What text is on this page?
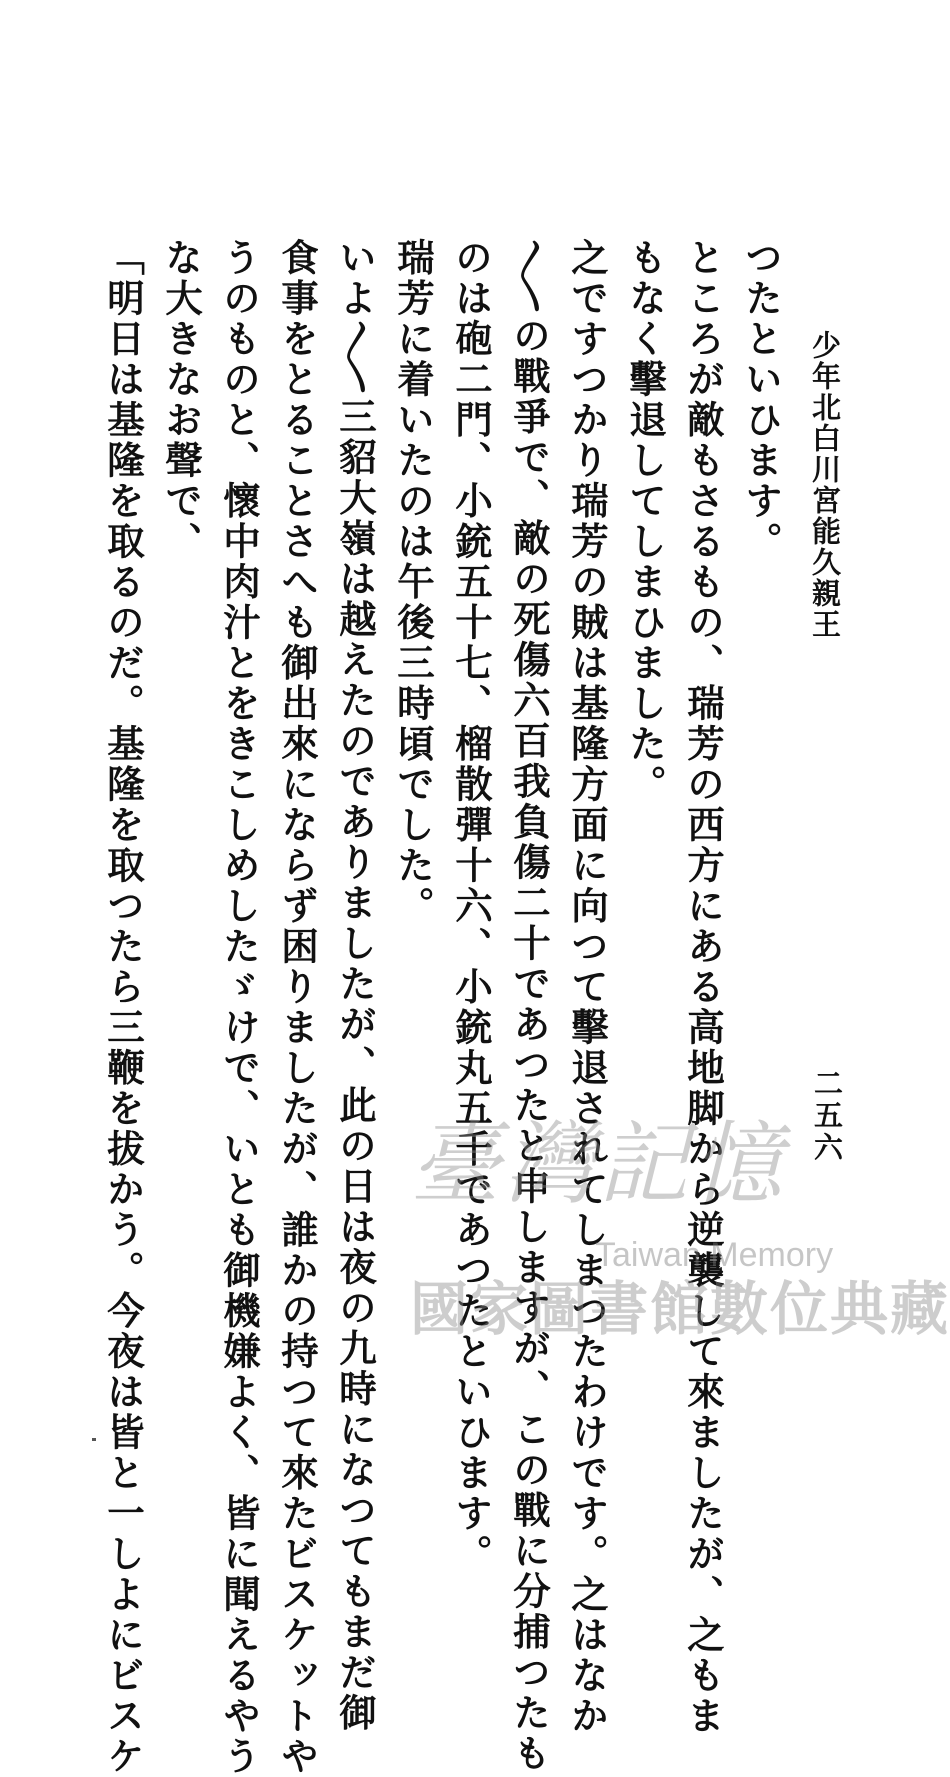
少年北白川宮能久親王
二五六
つたといひます。
ところが敵もさるもの、瑞芳の西方にある高地脚から逆襲して來ましたが、之もま
もなく擊退してしまひました。
之ですつかり瑞芳の賊は基隆方面に向つて擊退されてしまつたわけです。之はなか
〳〵の戰爭で、敵の死傷六百我負傷二十であつたと申しますが、この戰に分捕つたも
のは砲二門、小銃五十七、榴散彈十六、小銃丸五千であつたといひます。
瑞芳に着いたのは午後三時頃でした。
いよ〳〵三貂大嶺は越えたのでありましたが、此の日は夜の九時になつてもまだ御
食事をとることさへも御出來にならず困りましたが、誰かの持つて來たビスケットや
うのものと、懷中肉汁とをきこしめしたゞけで、いとも御機嫌よく、皆に聞えるやう
な大きなお聲で、
「明日は基隆を取るのだ。基隆を取つたら三鞭を拔かう。今夜は皆と一しよにビスケ	臺灣記憶
Taiwan Memory
國家圖書館數位典藏
